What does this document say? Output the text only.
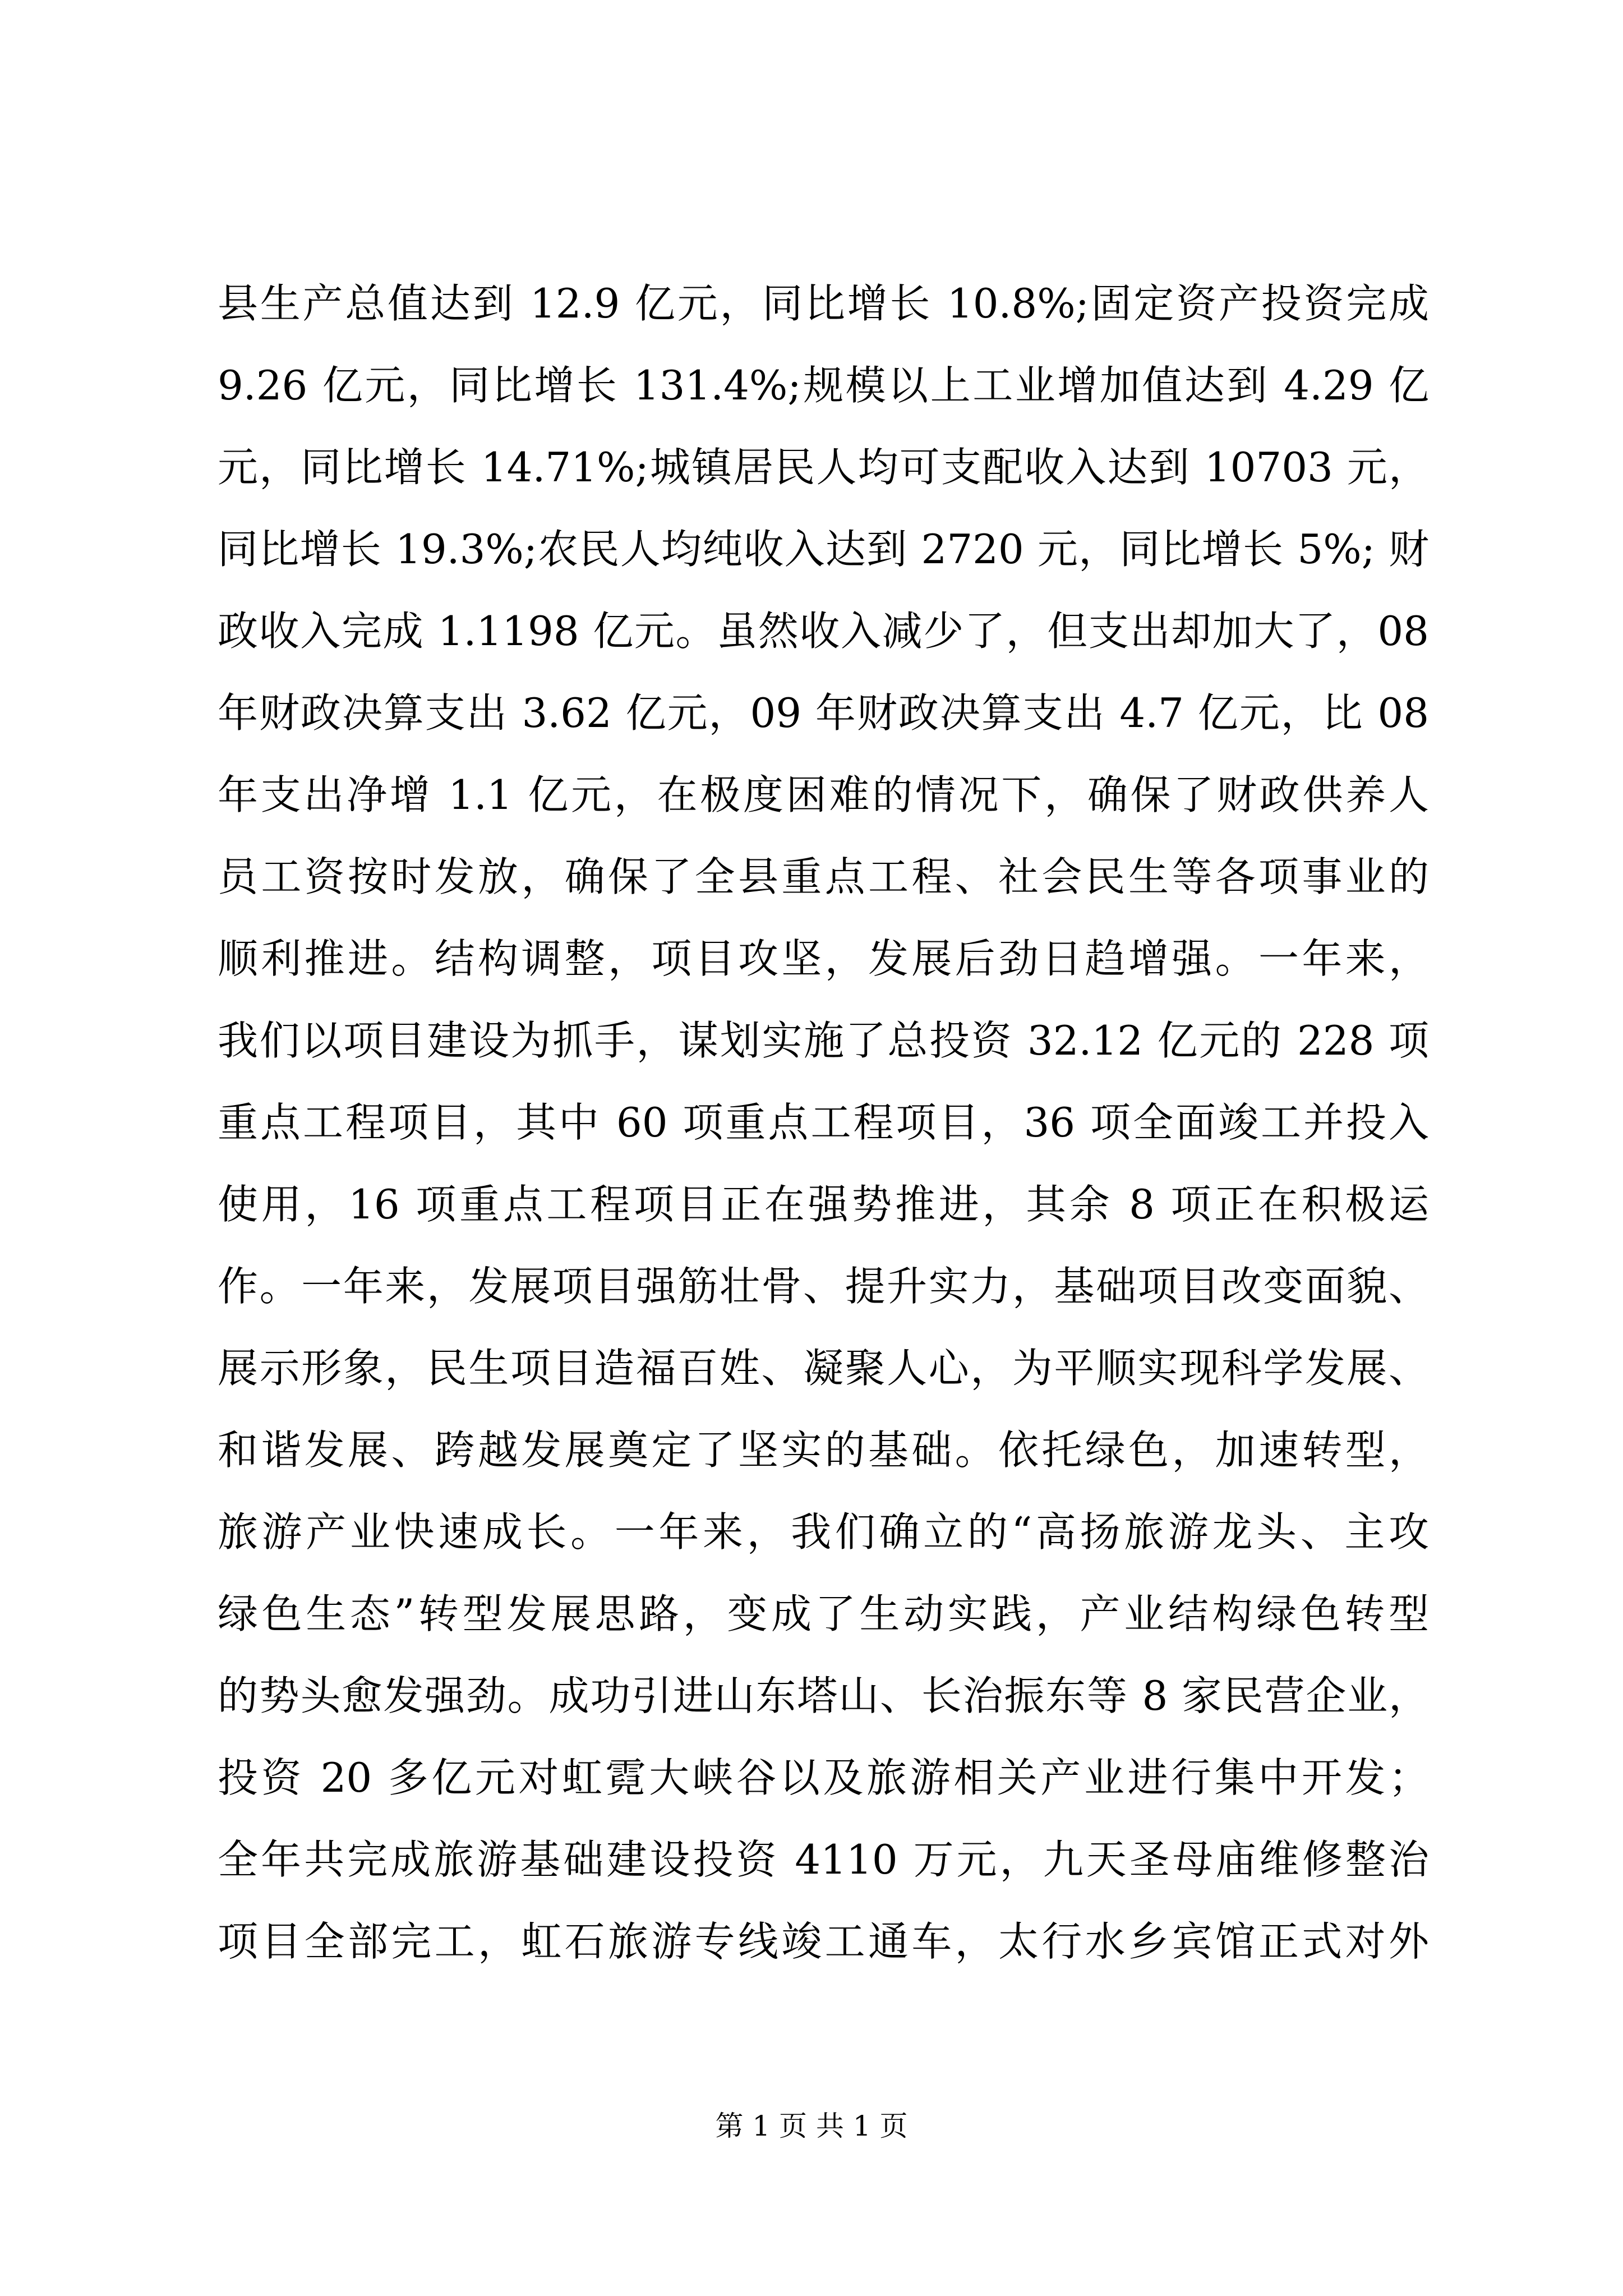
县生产总值达到 12.9 亿元，同比增长 10.8%;固定资产投资完成
9.26 亿元，同比增长 131.4%;规模以上工业增加值达到 4.29 亿
元，同比增长 14.71%;城镇居民人均可支配收入达到 10703 元，
同比增长 19.3%;农民人均纯收入达到 2720 元，同比增长 5%; 财
政收入完成 1.1198 亿元。虽然收入减少了，但支出却加大了，08
年财政决算支出 3.62 亿元，09 年财政决算支出 4.7 亿元，比 08
年支出净增 1.1 亿元，在极度困难的情况下，确保了财政供养人
员工资按时发放，确保了全县重点工程、社会民生等各项事业的
顺利推进。结构调整，项目攻坚，发展后劲日趋增强。一年来，
我们以项目建设为抓手，谋划实施了总投资 32.12 亿元的 228 项
重点工程项目，其中 60 项重点工程项目，36 项全面竣工并投入
使用，16 项重点工程项目正在强势推进，其余 8 项正在积极运
作。一年来，发展项目强筋壮骨、提升实力，基础项目改变面貌、
展示形象，民生项目造福百姓、凝聚人心，为平顺实现科学发展、
和谐发展、跨越发展奠定了坚实的基础。依托绿色，加速转型，
旅游产业快速成长。一年来，我们确立的“高扬旅游龙头、主攻
绿色生态”转型发展思路，变成了生动实践，产业结构绿色转型
的势头愈发强劲。成功引进山东塔山、长治振东等 8 家民营企业，
投资 20 多亿元对虹霓大峡谷以及旅游相关产业进行集中开发；
全年共完成旅游基础建设投资 4110 万元，九天圣母庙维修整治
项目全部完工，虹石旅游专线竣工通车，太行水乡宾馆正式对外
第 1 页 共 1 页
